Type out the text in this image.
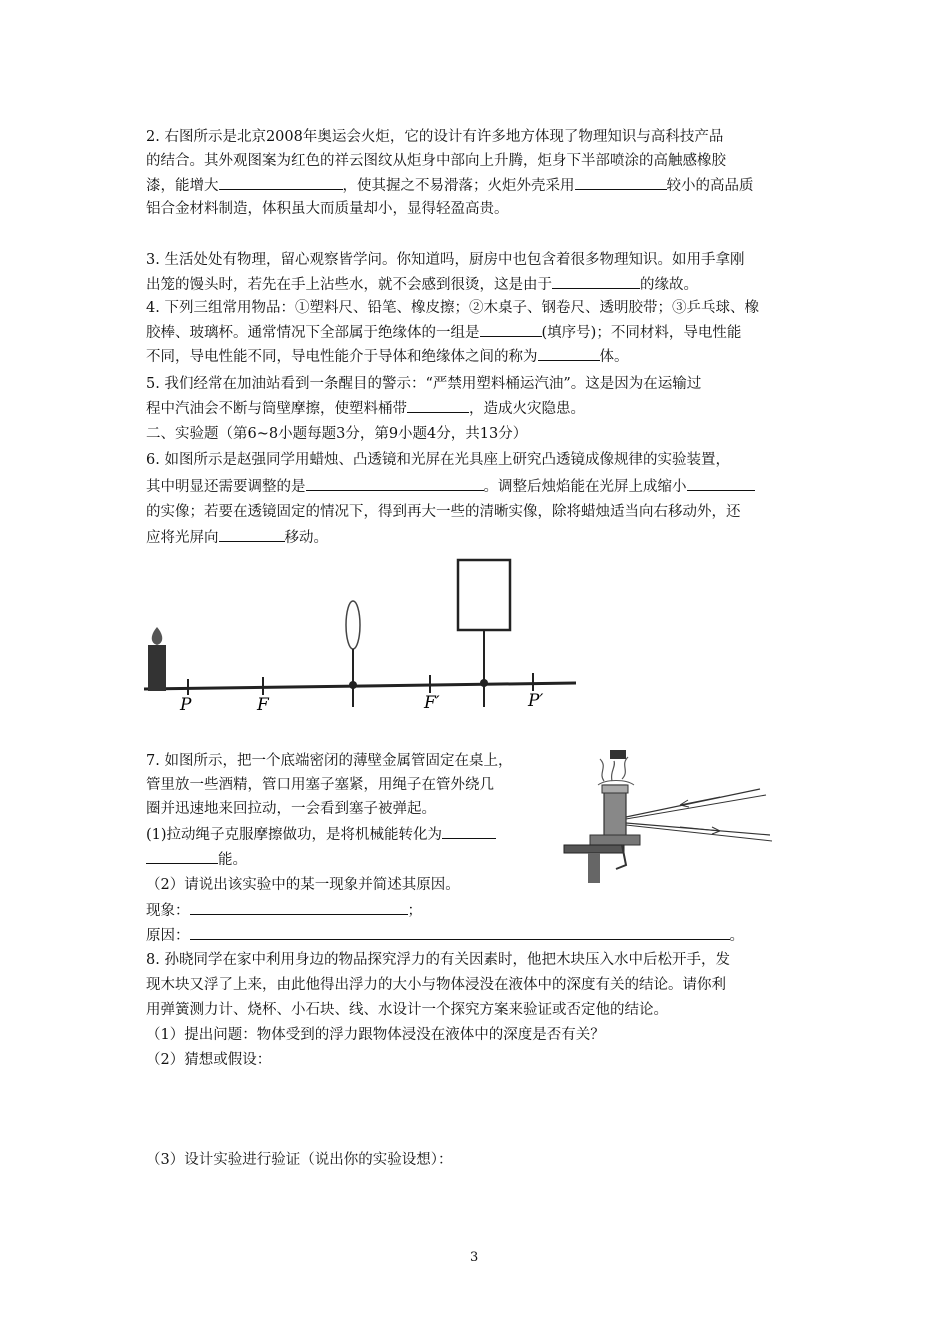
2. 右图所示是北京2008年奥运会火炬，它的设计有许多地方体现了物理知识与高科技产品
的结合。其外观图案为红色的祥云图纹从炬身中部向上升腾，炬身下半部喷涂的高触感橡胶
漆，能增大	，使其握之不易滑落；火炬外壳采用	较小的高品质
铝合金材料制造，体积虽大而质量却小，显得轻盈高贵。
3. 生活处处有物理，留心观察皆学问。你知道吗，厨房中也包含着很多物理知识。如用手拿刚
出笼的馒头时，若先在手上沾些水，就不会感到很烫，这是由于	的缘故。
4. 下列三组常用物品：①塑料尺、铅笔、橡皮擦；②木桌子、钢卷尺、透明胶带；③乒乓球、橡
胶棒、玻璃杯。通常情况下全部属于绝缘体的一组是	(填序号)；不同材料，导电性能
不同，导电性能不同，导电性能介于导体和绝缘体之间的称为	体。
5. 我们经常在加油站看到一条醒目的警示：“严禁用塑料桶运汽油”。这是因为在运输过
程中汽油会不断与筒壁摩擦，使塑料桶带	，造成火灾隐患。
二、实验题（第6~8小题每题3分，第9小题4分，共13分）
6. 如图所示是赵强同学用蜡烛、凸透镜和光屏在光具座上研究凸透镜成像规律的实验装置，
其中明显还需要调整的是	。调整后烛焰能在光屏上成缩小
的实像；若要在透镜固定的情况下，得到再大一些的清晰实像，除将蜡烛适当向右移动外，还
应将光屏向	移动。
P	F	F′	P′
7. 如图所示，把一个底端密闭的薄壁金属管固定在桌上，
管里放一些酒精，管口用塞子塞紧，用绳子在管外绕几
圈并迅速地来回拉动，一会看到塞子被弹起。
(1)拉动绳子克服摩擦做功，是将机械能转化为
能。
（2）请说出该实验中的某一现象并简述其原因。
现象：	；
原因：	。
8. 孙晓同学在家中利用身边的物品探究浮力的有关因素时，他把木块压入水中后松开手，发
现木块又浮了上来，由此他得出浮力的大小与物体浸没在液体中的深度有关的结论。请你利
用弹簧测力计、烧杯、小石块、线、水设计一个探究方案来验证或否定他的结论。
（1）提出问题：物体受到的浮力跟物体浸没在液体中的深度是否有关？
（2）猜想或假设：
（3）设计实验进行验证（说出你的实验设想）：
3
